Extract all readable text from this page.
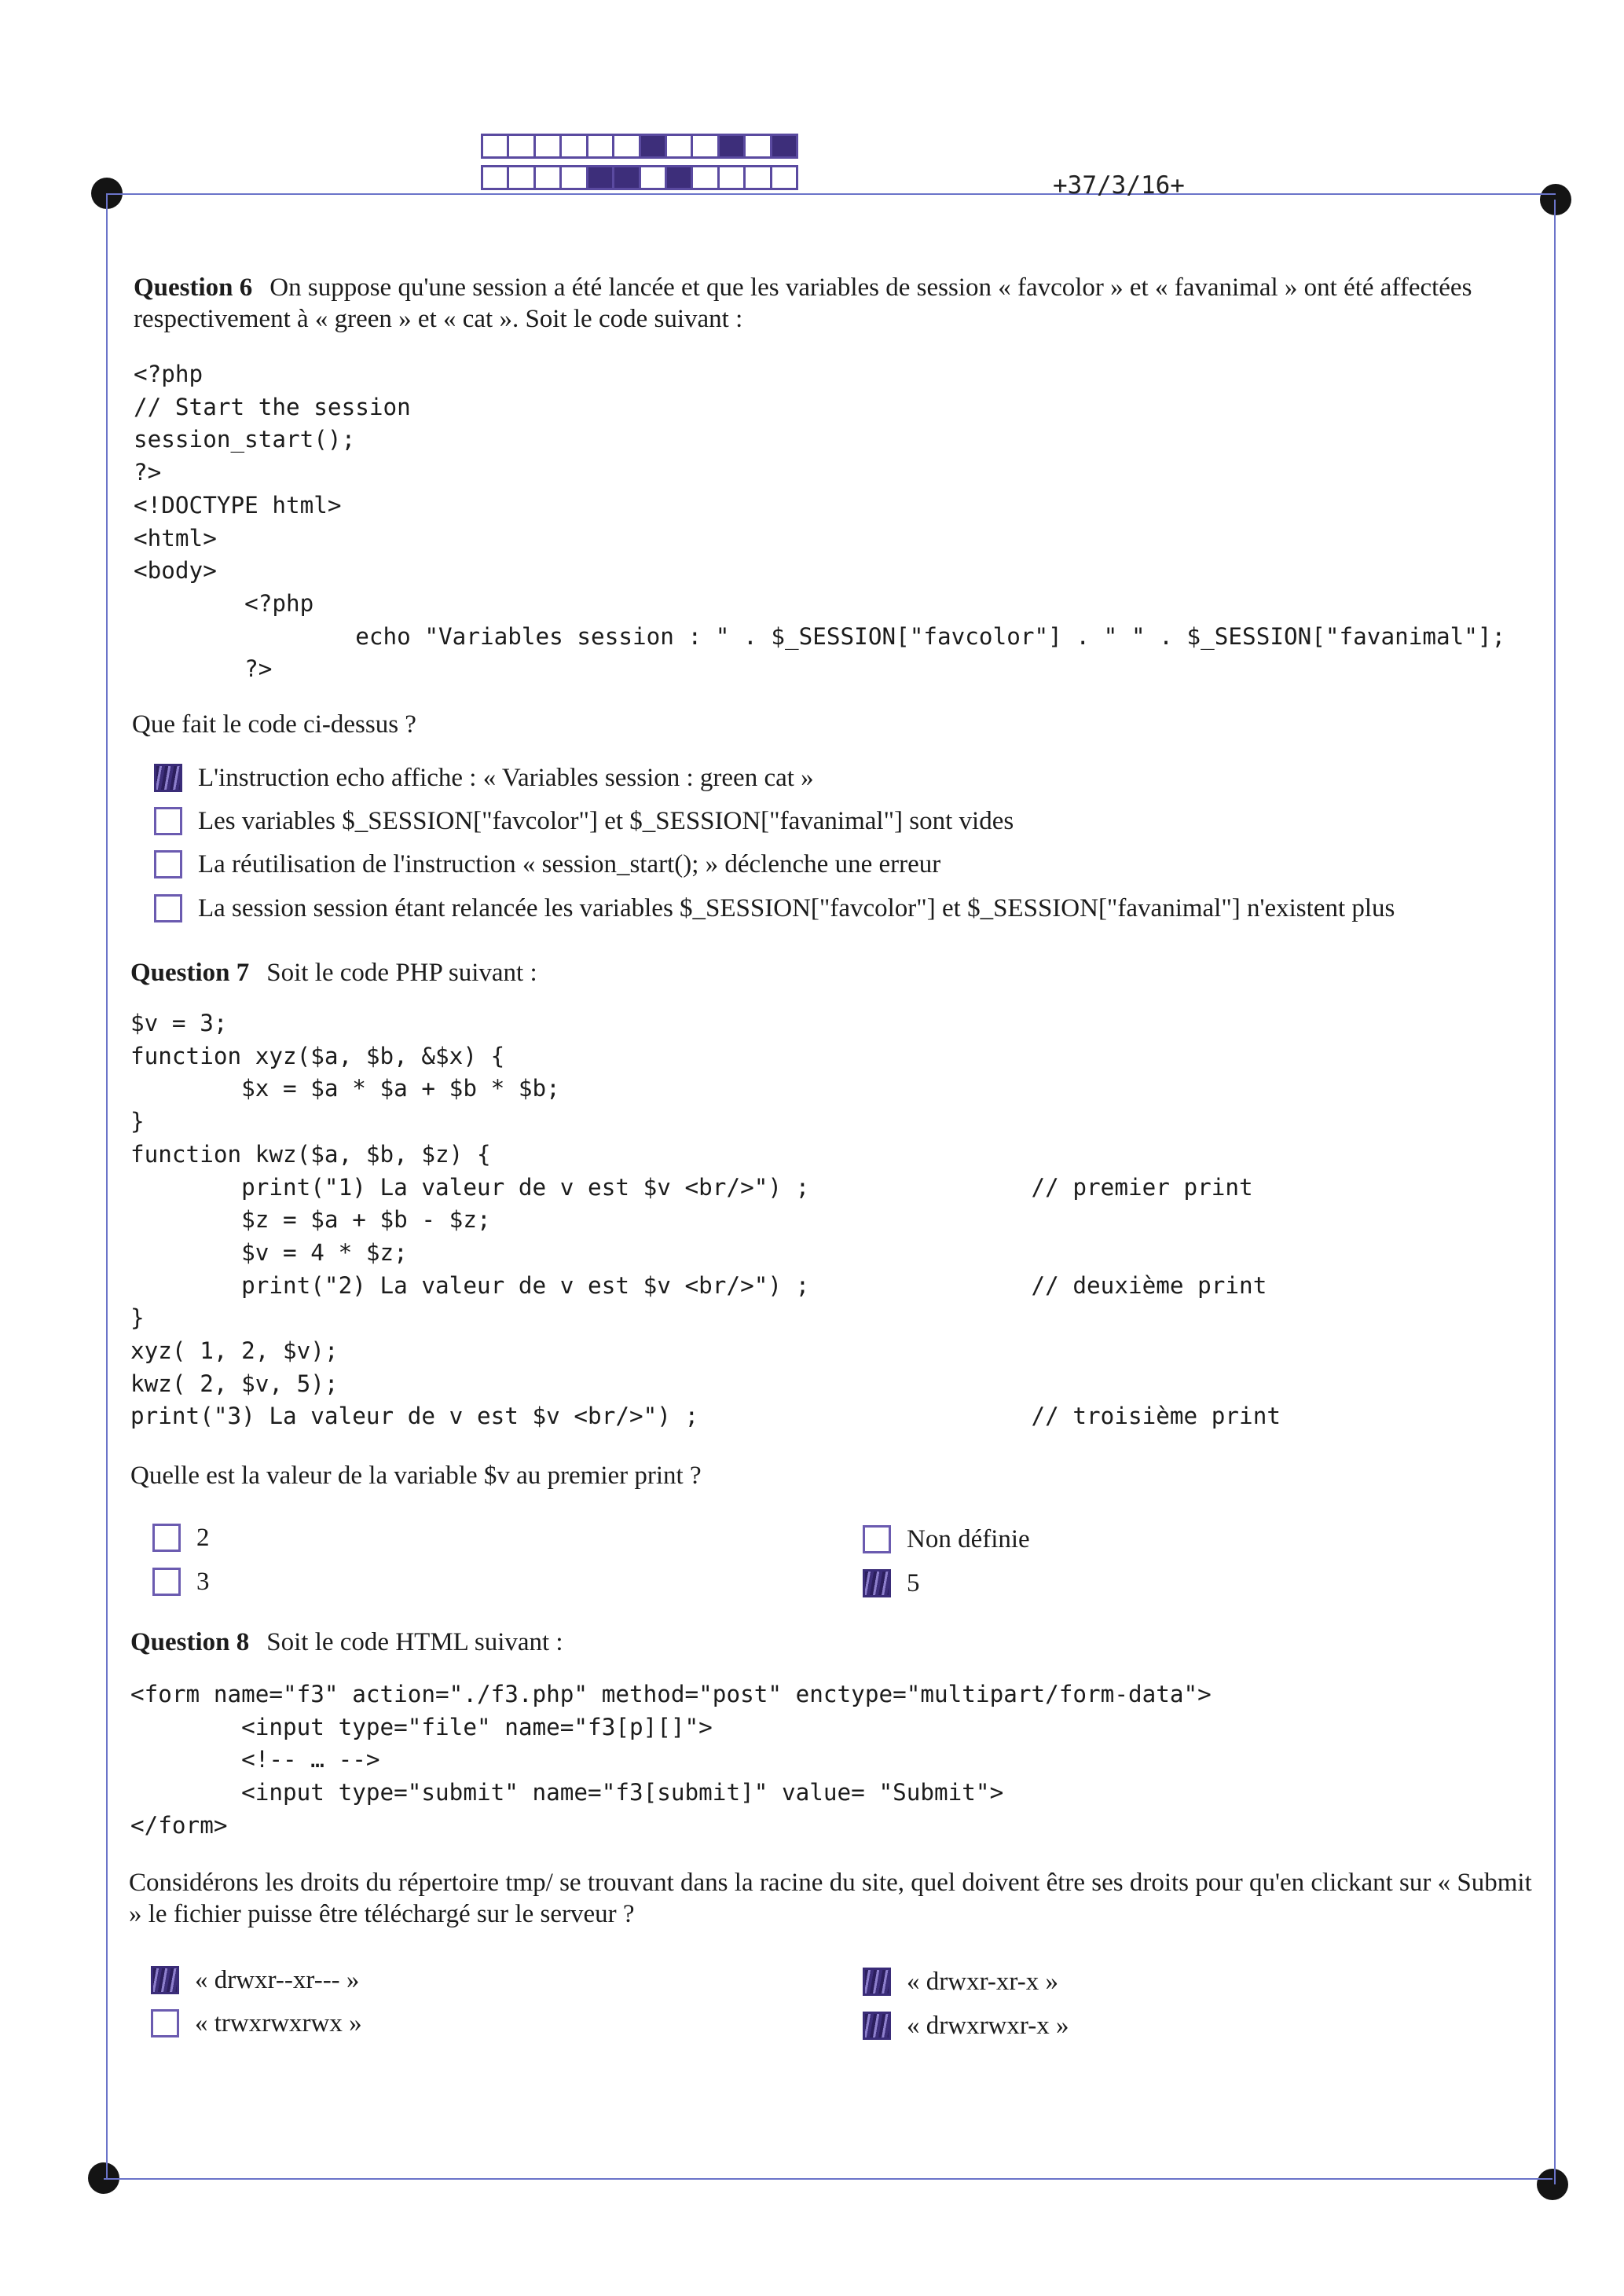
+37/3/16+
Question 6 On suppose qu'une session a été lancée et que les variables de session « favcolor » et « favanimal » ont été affectées respectivement à « green » et « cat ». Soit le code suivant :
<?php
// Start the session
session_start();
?>
<!DOCTYPE html>
<html>
<body>
<?php
echo "Variables session : " . $_SESSION["favcolor"] . " " . $_SESSION["favanimal"];
?>
Que fait le code ci-dessus ?
L'instruction echo affiche : « Variables session : green cat »
Les variables $_SESSION["favcolor"] et $_SESSION["favanimal"] sont vides
La réutilisation de l'instruction « session_start(); » déclenche une erreur
La session session étant relancée les variables $_SESSION["favcolor"] et $_SESSION["favanimal"] n'existent plus
Question 7 Soit le code PHP suivant :
$v = 3;
function xyz($a, $b, &$x) {
$x = $a * $a + $b * $b;
}
function kwz($a, $b, $z) {
print("1) La valeur de v est $v <br/>") ;                // premier print
$z = $a + $b - $z;
$v = 4 * $z;
print("2) La valeur de v est $v <br/>") ;                // deuxième print
}
xyz( 1, 2, $v);
kwz( 2, $v, 5);
print("3) La valeur de v est $v <br/>") ;                        // troisième print
Quelle est la valeur de la variable $v au premier print ?
2
3
Non définie
5
Question 8 Soit le code HTML suivant :
<form name="f3" action="./f3.php" method="post" enctype="multipart/form-data">
<input type="file" name="f3[p][]">
<!-- … -->
<input type="submit" name="f3[submit]" value= "Submit">
</form>
Considérons les droits du répertoire tmp/ se trouvant dans la racine du site, quel doivent être ses droits pour qu'en clickant sur « Submit » le fichier puisse être téléchargé sur le serveur ?
« drwxr--xr--- »
« trwxrwxrwx »
« drwxr-xr-x »
« drwxrwxr-x »
